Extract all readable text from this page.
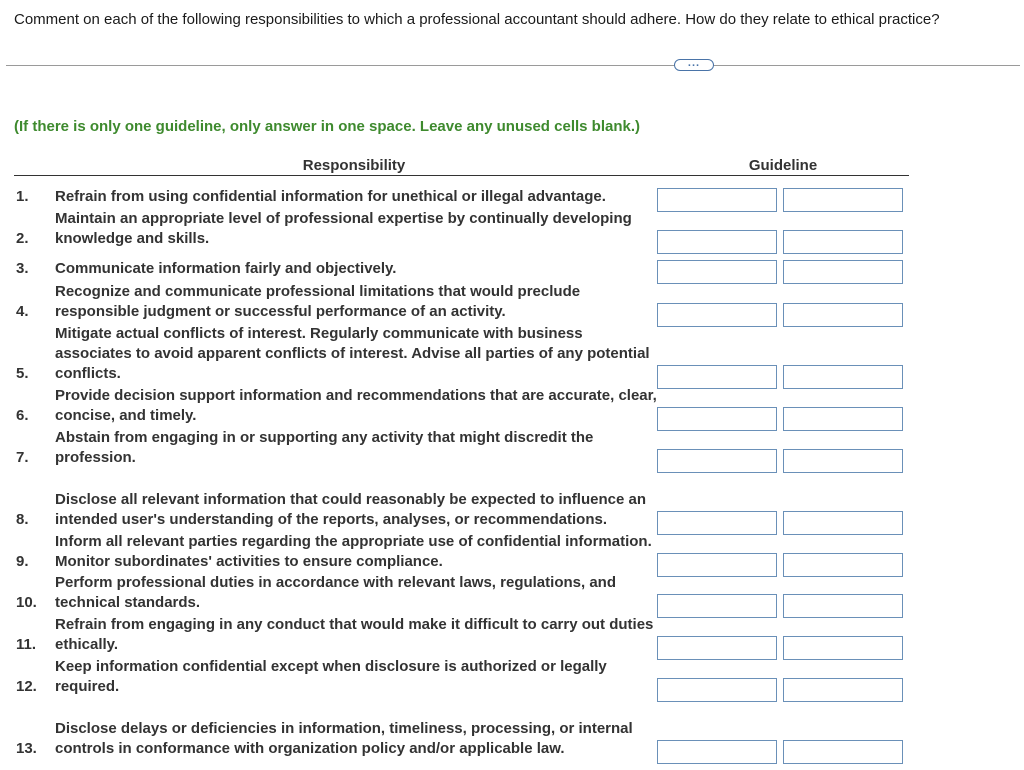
Comment on each of the following responsibilities to which a professional accountant should adhere. How do they relate to ethical practice?
...
(If there is only one guideline, only answer in one space. Leave any unused cells blank.)
Responsibility	Guideline
1. Refrain from using confidential information for unethical or illegal advantage.
2.
Maintain an appropriate level of professional expertise by continually developing knowledge and skills.
3. Communicate information fairly and objectively.
4.
Recognize and communicate professional limitations that would preclude responsible judgment or successful performance of an activity.
5.
Mitigate actual conflicts of interest. Regularly communicate with business associates to avoid apparent conflicts of interest. Advise all parties of any potential conflicts.
6.
Provide decision support information and recommendations that are accurate, clear, concise, and timely.
7.
Abstain from engaging in or supporting any activity that might discredit the profession.
8.
Disclose all relevant information that could reasonably be expected to influence an intended user's understanding of the reports, analyses, or recommendations.
9.
Inform all relevant parties regarding the appropriate use of confidential information. Monitor subordinates' activities to ensure compliance.
10.
Perform professional duties in accordance with relevant laws, regulations, and technical standards.
11.
Refrain from engaging in any conduct that would make it difficult to carry out duties ethically.
12.
Keep information confidential except when disclosure is authorized or legally required.
13.
Disclose delays or deficiencies in information, timeliness, processing, or internal controls in conformance with organization policy and/or applicable law.
